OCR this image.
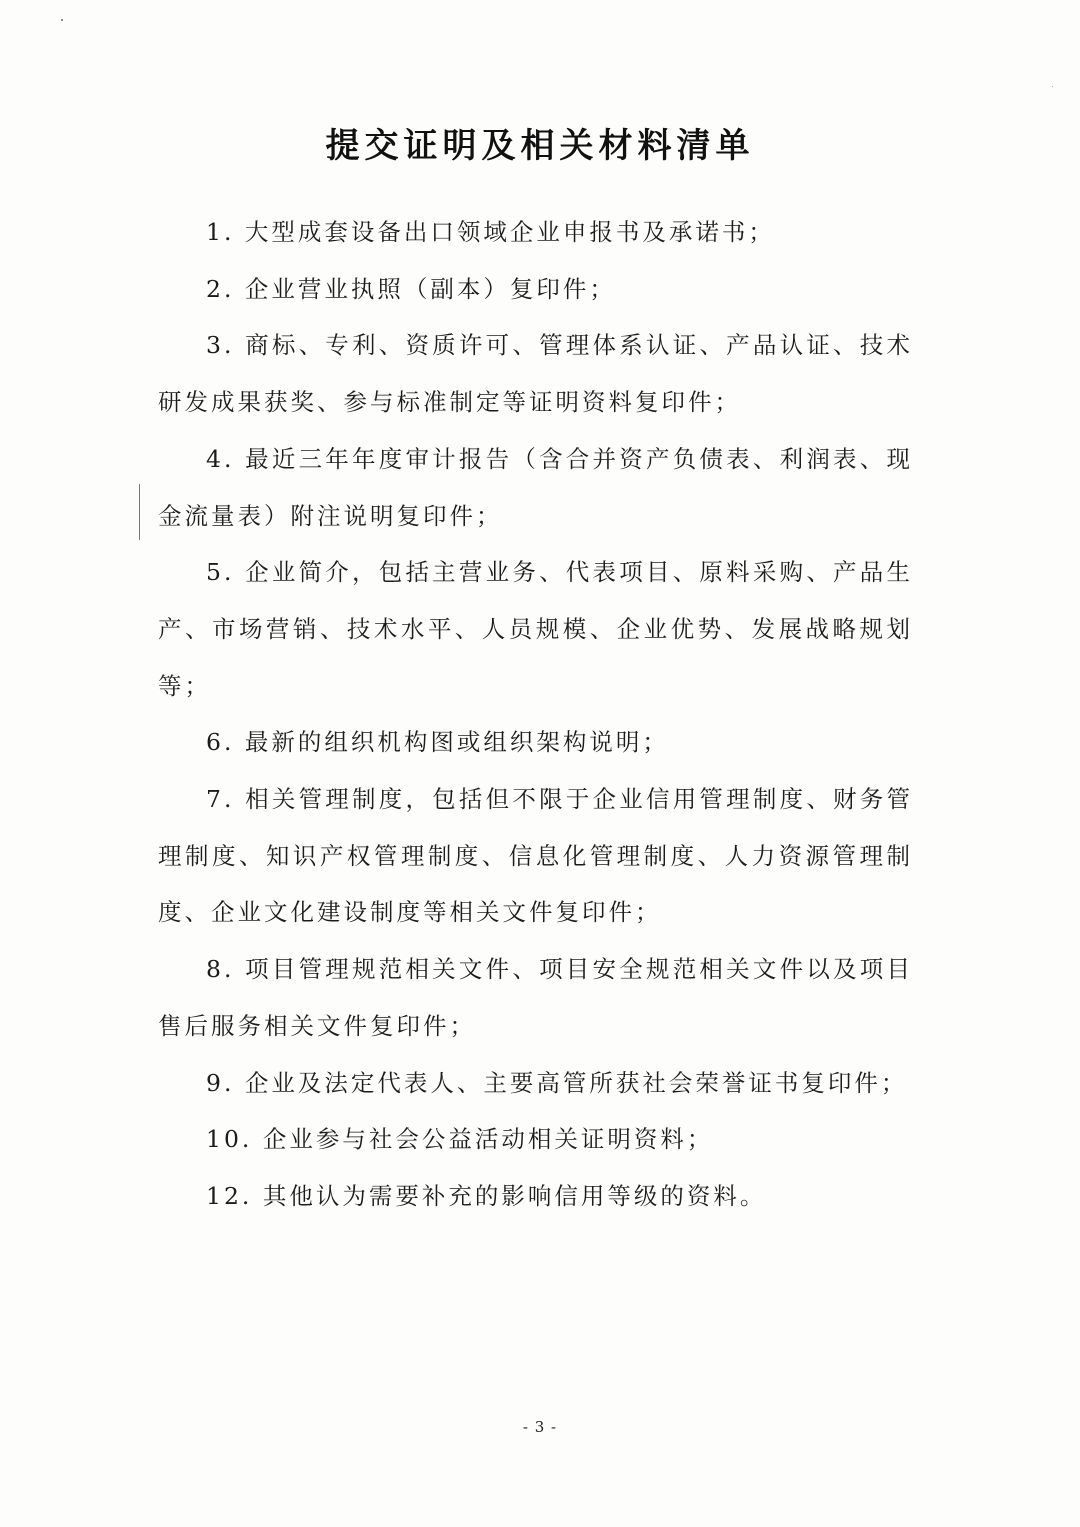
提交证明及相关材料清单
1. 大型成套设备出口领域企业申报书及承诺书；
2. 企业营业执照（副本）复印件；
3. 商标、专利、资质许可、管理体系认证、产品认证、技术研发成果获奖、参与标准制定等证明资料复印件；
4. 最近三年年度审计报告（含合并资产负债表、利润表、现金流量表）附注说明复印件；
5. 企业简介，包括主营业务、代表项目、原料采购、产品生产、市场营销、技术水平、人员规模、企业优势、发展战略规划等；
6. 最新的组织机构图或组织架构说明；
7. 相关管理制度，包括但不限于企业信用管理制度、财务管理制度、知识产权管理制度、信息化管理制度、人力资源管理制度、企业文化建设制度等相关文件复印件；
8. 项目管理规范相关文件、项目安全规范相关文件以及项目售后服务相关文件复印件；
9. 企业及法定代表人、主要高管所获社会荣誉证书复印件；
10. 企业参与社会公益活动相关证明资料；
12. 其他认为需要补充的影响信用等级的资料。
- 3 -
